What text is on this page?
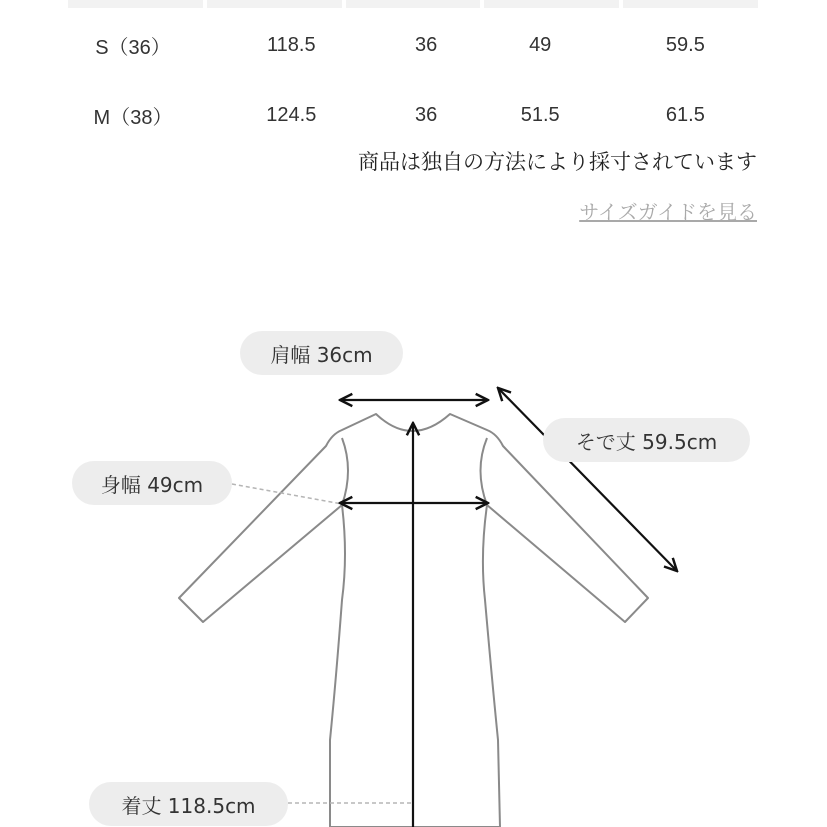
S（36）	118.5	36	49	59.5
M（38）	124.5	36	51.5	61.5
商品は独自の方法により採寸されています
サイズガイドを見る
肩幅 36cm
身幅 49cm
そで丈 59.5cm
着丈 118.5cm
